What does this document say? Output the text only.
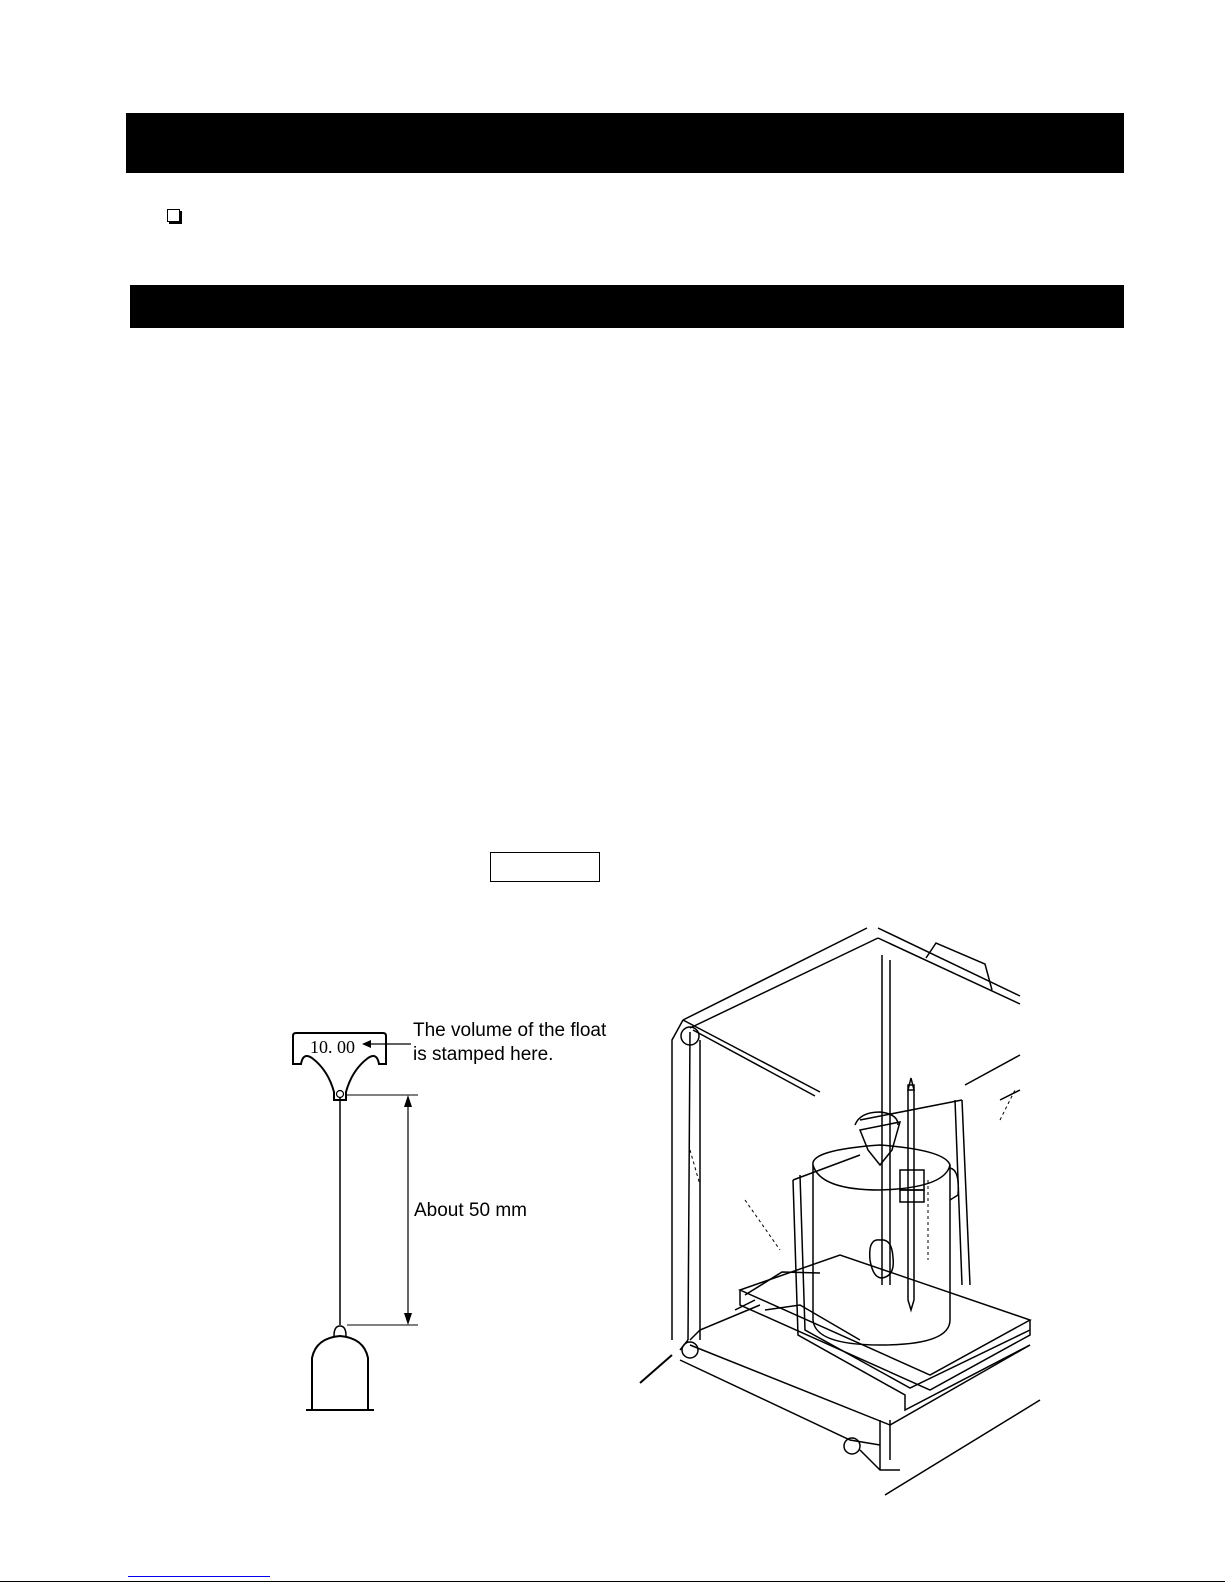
The volume of the float
is stamped here.
10. 00
About 50 mm
